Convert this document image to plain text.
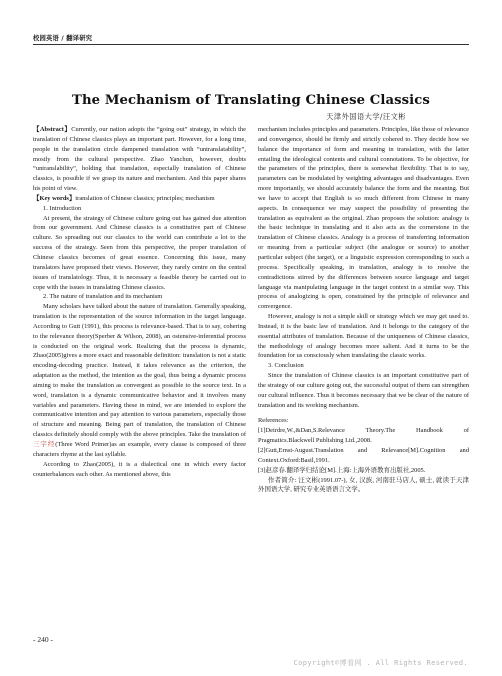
校园英语 / 翻译研究
The Mechanism of Translating Chinese Classics
天津外国语大学/汪文彬

【Abstract】Currently, our nation adopts the “going out” strategy, in which the translation of Chinese classics plays an important part. However, for a long time, people in the translation circle dampened translation with “untranslatability”, mostly from the cultural perspective. Zhao Yanchun, however, doubts “untranslability”, holding that translation, especially translation of Chinese classics, is possible if we grasp its nature and mechanism. And this paper shares his point of view.

【Key words】translation of Chinese classics; principles; mechanism

1. Introduction

At present, the strategy of Chinese culture going out has gained due attention from our government. And Chinese classics is a constitutive part of Chinese culture. So spreading out our classics to the world can contribute a lot to the success of the strategy. Seen from this perspective, the proper translation of Chinese classics becomes of great essence. Concerning this issue, many translators have proposed their views. However, they rarely centre on the central issues of translatology. Thus, it is necessary a feasible theory be carried out to cope with the issues in translating Chinese classics.

2. The nature of translation and its mechanism

Many scholars have talked about the nature of translation. Generally speaking, translation is the representation of the source information in the target language. According to Gutt (1991), this process is relevance-based. That is to say, cohering to the relevance theory(Sperber & Wilson, 2008), an ostensive-inferential process is conducted on the original work. Realizing that the process is dynamic, Zhao(2005)gives a more exact and reasonable definition: translation is not a static encoding-decoding practice. Instead, it takes relevance as the criterion, the adaptation as the method, the intention as the goal, thus being a dynamic process aiming to make the translation as convergent as possible to the source text. In a word, translation is a dynamic communicative behavior and it involves many variables and parameters. Having these in mind, we are intended to explore the communicative intention and pay attention to various parameters, especially those of structure and meaning. Being part of translation, the translation of Chinese classics definitely should comply with the above principles. Take the translation of三字经(Three Word Primer)as an example, every clause is composed of three characters rhyme at the last syllable.

According to Zhao(2005), it is a dialectical one in which every factor counterbalances each other. As mentioned above, this

mechanism includes principles and parameters. Principles, like those of relevance and convergence, should be firmly and strictly cohered to. They decide how we balance the importance of form and meaning in translation, with the latter entailing the ideological contents and cultural connotations. To be objective, for the parameters of the principles, there is somewhat flexibility. That is to say, parameters can be modulated by weighting advantages and disadvantages. Even more importantly, we should accurately balance the form and the meaning. But we have to accept that English is so much different from Chinese in many aspects. In consequence we may suspect the possibility of presenting the translation as equivalent as the original. Zhao proposes the solution: analogy is the basic technique in translating and it also acts as the cornerstone in the translation of Chinese classics. Analogy is a process of transferring information or meaning from a particular subject (the analogue or source) to another particular subject (the target), or a linguistic expression corresponding to such a process. Specifically speaking, in translation, analogy is to resolve the contradictions stirred by the differences between source language and target language via manipulating language in the target context in a similar way. This process of analogizing is open, constrained by the principle of relevance and convergence.

However, analogy is not a simple skill or strategy which we may get used to. Instead, it is the basic law of translation. And it belongs to the category of the essential attributes of translation. Because of the uniqueness of Chinese classics, the methodology of analogy becomes more salient. And it turns to be the foundation for us consciously when translating the classic works.

3. Conclusion

Since the translation of Chinese classics is an important constitutive part of the strategy of our culture going out, the successful output of them can strengthen our cultural influence. Thus it becomes necessary that we be clear of the nature of translation and its working mechanism.

References:

[1]Deirdre,W.,&Dan,S.Relevance Theory.The Handbook of Pragmatics.Blackwell Publishing Ltd.,2008.

[2]Gutt,Ernst-August.Translation and Relevance[M].Cognition and Context.Oxford:Basil,1991.

[3]赵彦春.翻译学归结论[M].上海:上海外语教育出版社,2005.

作者简介: 汪文彬(1991.07-), 女, 汉族, 河南驻马店人, 硕士, 就读于天津外国语大学, 研究专业英语语言文学。

- 240 -
Copyright©博看网 . All Rights Reserved.
